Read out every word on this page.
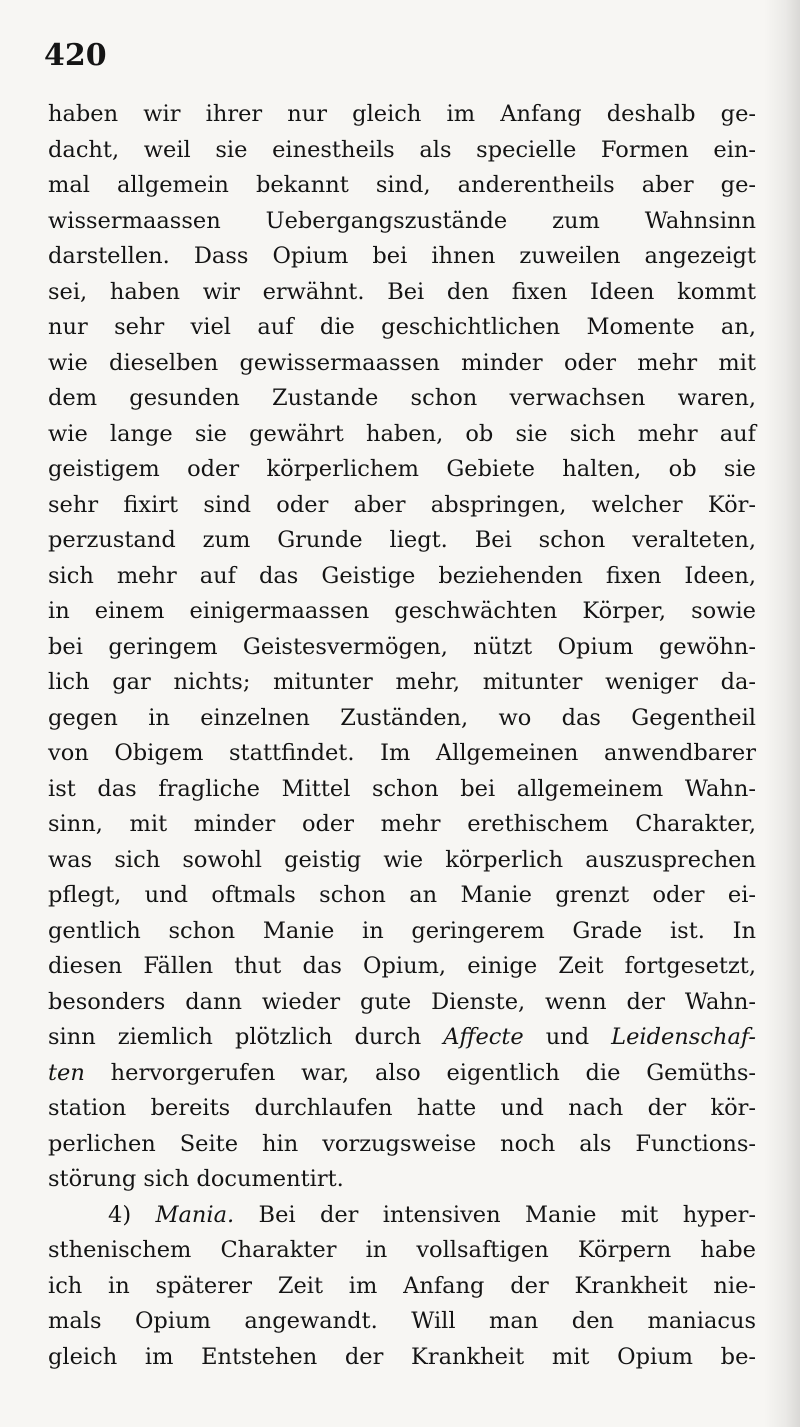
420
haben wir ihrer nur gleich im Anfang deshalb ge-
dacht, weil sie einestheils als specielle Formen ein-
mal allgemein bekannt sind, anderentheils aber ge-
wissermaassen Uebergangszustände zum Wahnsinn
darstellen. Dass Opium bei ihnen zuweilen angezeigt
sei, haben wir erwähnt. Bei den fixen Ideen kommt
nur sehr viel auf die geschichtlichen Momente an,
wie dieselben gewissermaassen minder oder mehr mit
dem gesunden Zustande schon verwachsen waren,
wie lange sie gewährt haben, ob sie sich mehr auf
geistigem oder körperlichem Gebiete halten, ob sie
sehr fixirt sind oder aber abspringen, welcher Kör-
perzustand zum Grunde liegt. Bei schon veralteten,
sich mehr auf das Geistige beziehenden fixen Ideen,
in einem einigermaassen geschwächten Körper, sowie
bei geringem Geistesvermögen, nützt Opium gewöhn-
lich gar nichts; mitunter mehr, mitunter weniger da-
gegen in einzelnen Zuständen, wo das Gegentheil
von Obigem stattfindet. Im Allgemeinen anwendbarer
ist das fragliche Mittel schon bei allgemeinem Wahn-
sinn, mit minder oder mehr erethischem Charakter,
was sich sowohl geistig wie körperlich auszusprechen
pflegt, und oftmals schon an Manie grenzt oder ei-
gentlich schon Manie in geringerem Grade ist. In
diesen Fällen thut das Opium, einige Zeit fortgesetzt,
besonders dann wieder gute Dienste, wenn der Wahn-
sinn ziemlich plötzlich durch Affecte und Leidenschaf-
ten hervorgerufen war, also eigentlich die Gemüths-
station bereits durchlaufen hatte und nach der kör-
perlichen Seite hin vorzugsweise noch als Functions-
störung sich documentirt.
4) Mania. Bei der intensiven Manie mit hyper-
sthenischem Charakter in vollsaftigen Körpern habe
ich in späterer Zeit im Anfang der Krankheit nie-
mals Opium angewandt. Will man den maniacus
gleich im Entstehen der Krankheit mit Opium be-
